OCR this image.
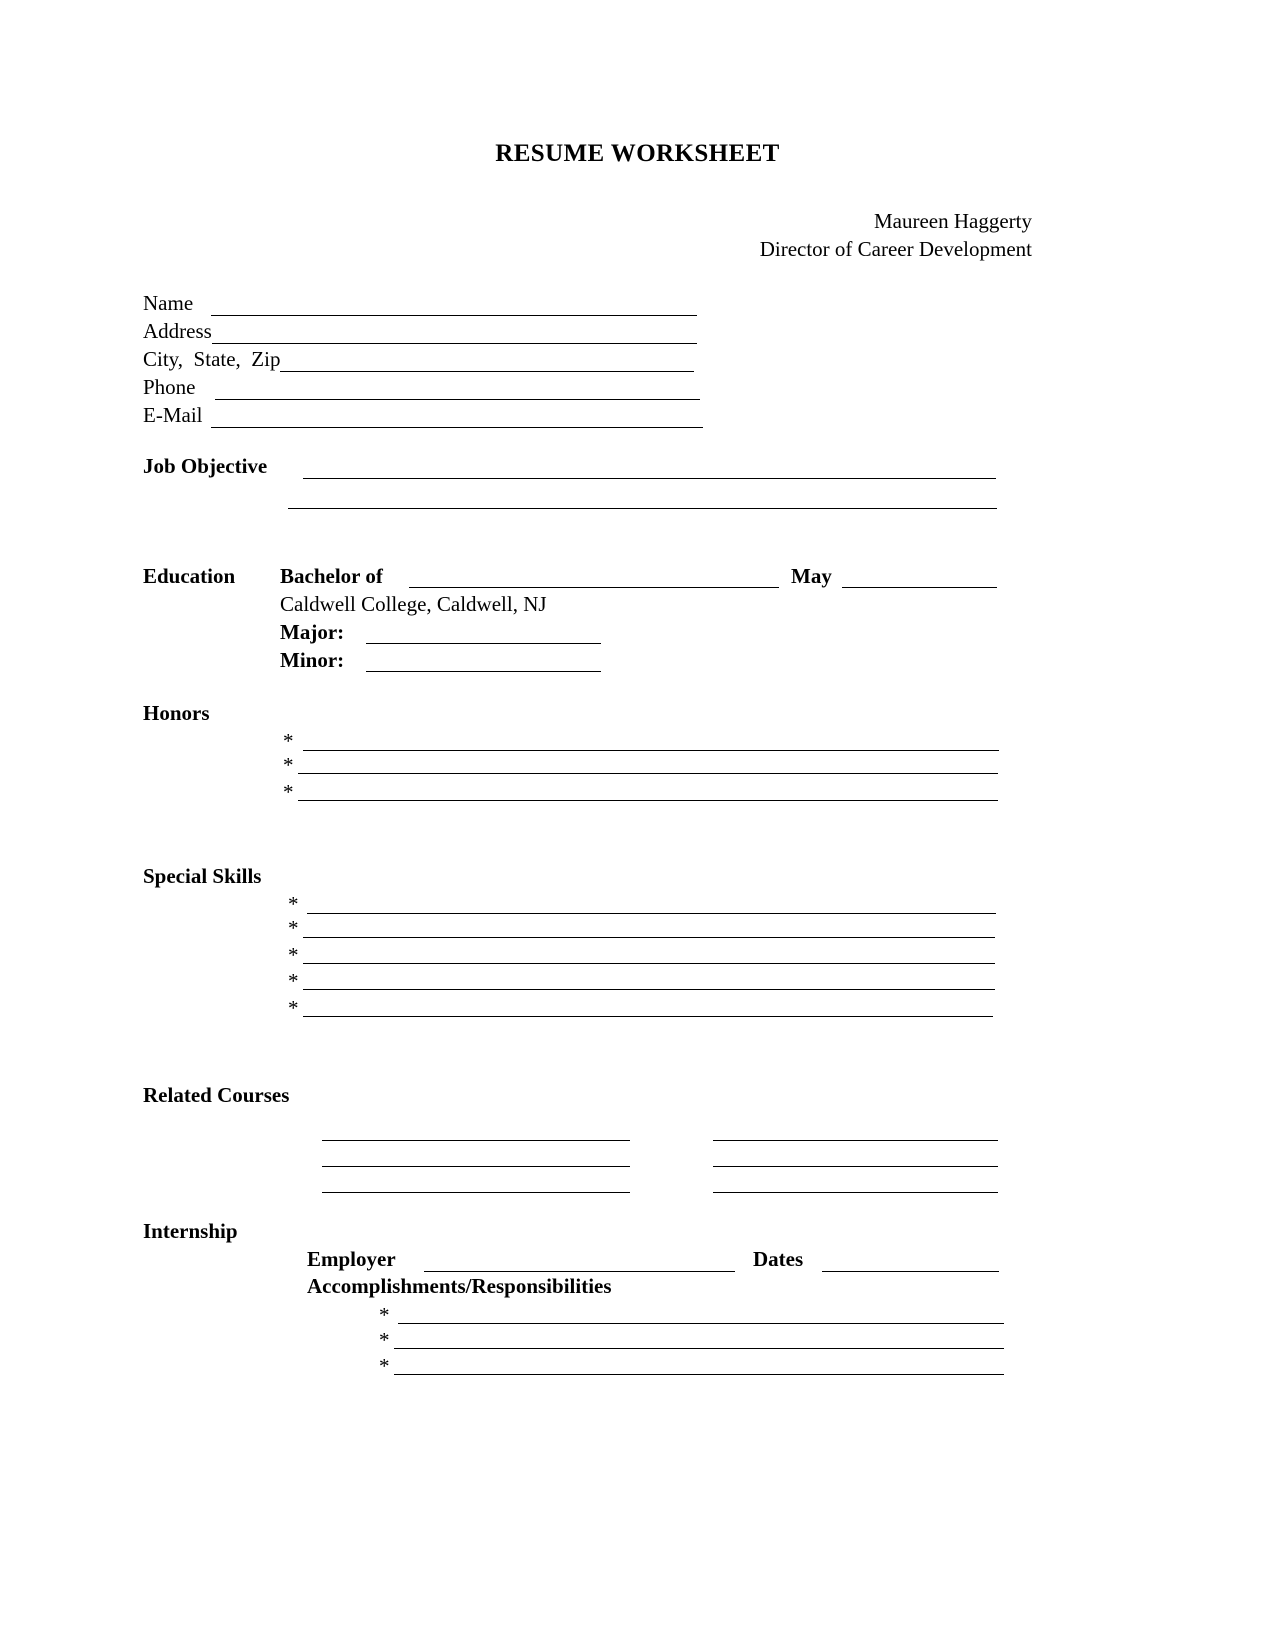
RESUME WORKSHEET
Maureen Haggerty
Director of Career Development
Name
Address
City,  State,  Zip
Phone
E-Mail
Job Objective
Education Bachelor of	May
Caldwell College, Caldwell, NJ
Major:
Minor:
Honors
*
*
*
Special Skills
*
*
*
*
*
Related Courses
Internship
Employer	Dates
Accomplishments/Responsibilities
*
*
*
